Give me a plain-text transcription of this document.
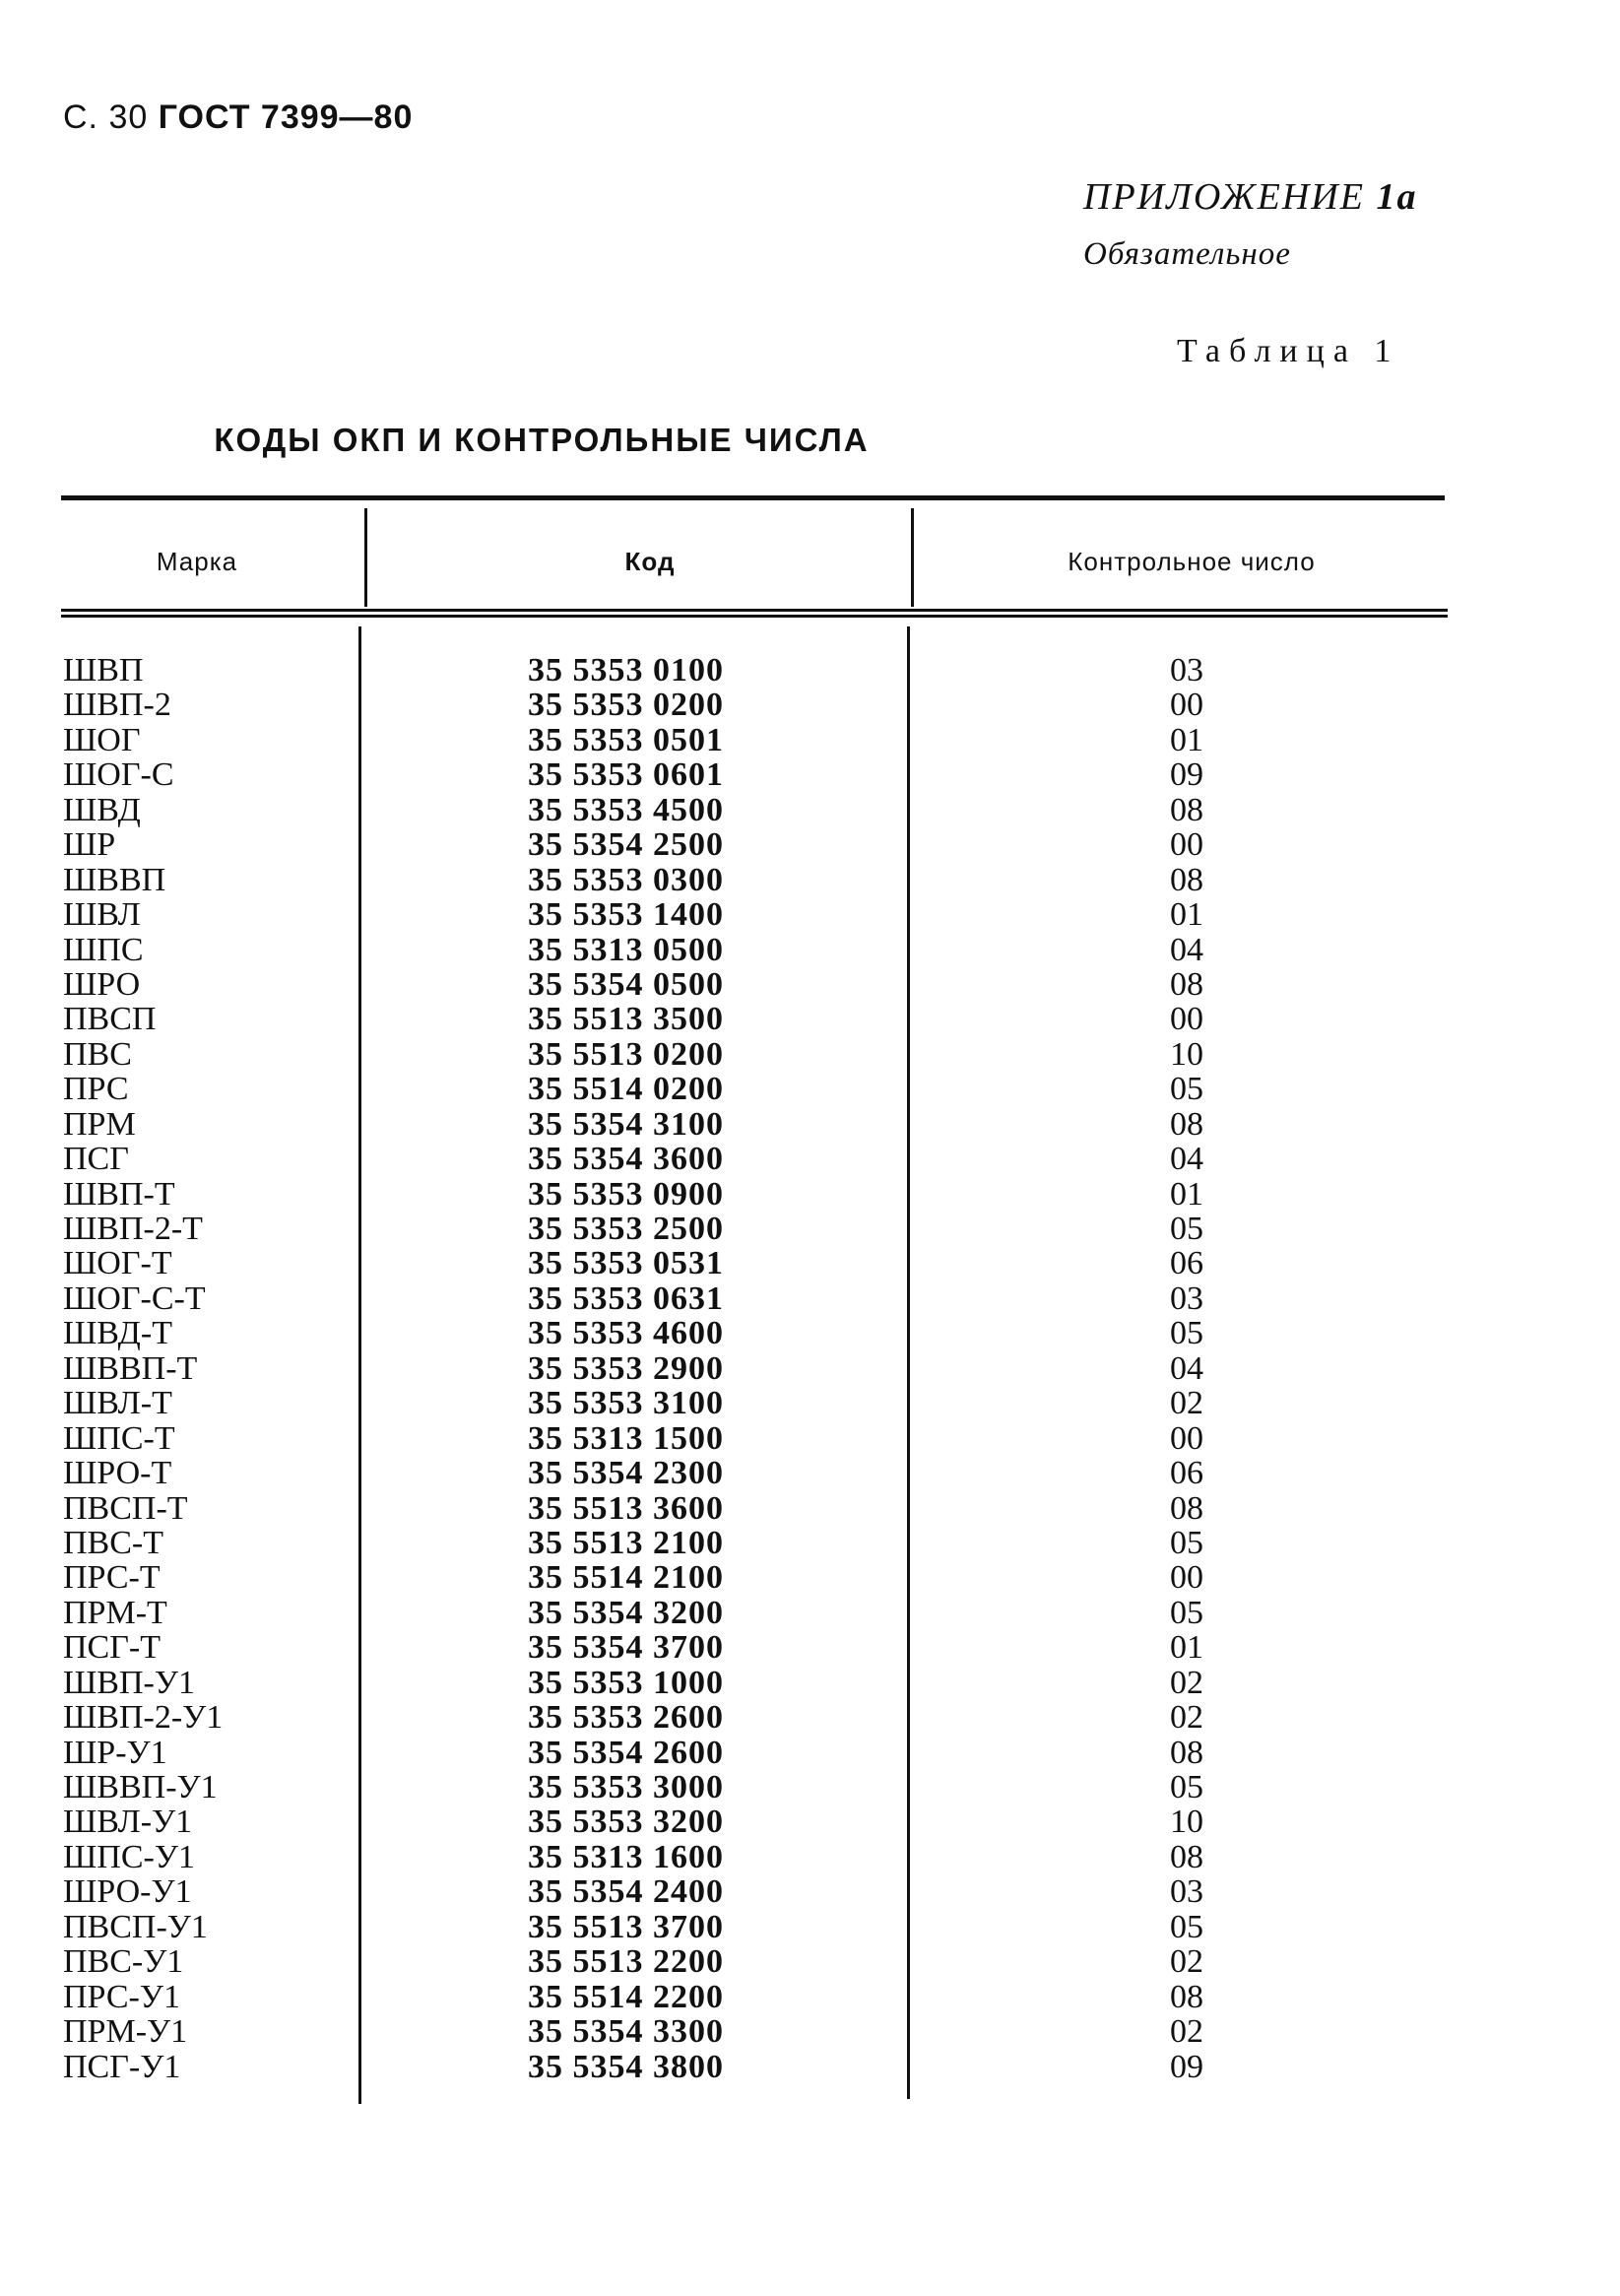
С. 30 ГОСТ 7399—80
ПРИЛОЖЕНИЕ 1а
Обязательное
Таблица 1
КОДЫ ОКП И КОНТРОЛЬНЫЕ ЧИСЛА
Марка	Код	Контрольное число
ШВП	35 5353 0100	03
ШВП-2	35 5353 0200	00
ШОГ	35 5353 0501	01
ШОГ-С	35 5353 0601	09
ШВД	35 5353 4500	08
ШР	35 5354 2500	00
ШВВП	35 5353 0300	08
ШВЛ	35 5353 1400	01
ШПС	35 5313 0500	04
ШРО	35 5354 0500	08
ПВСП	35 5513 3500	00
ПВС	35 5513 0200	10
ПРС	35 5514 0200	05
ПРМ	35 5354 3100	08
ПСГ	35 5354 3600	04
ШВП-Т	35 5353 0900	01
ШВП-2-Т	35 5353 2500	05
ШОГ-Т	35 5353 0531	06
ШОГ-С-Т	35 5353 0631	03
ШВД-Т	35 5353 4600	05
ШВВП-Т	35 5353 2900	04
ШВЛ-Т	35 5353 3100	02
ШПС-Т	35 5313 1500	00
ШРО-Т	35 5354 2300	06
ПВСП-Т	35 5513 3600	08
ПВС-Т	35 5513 2100	05
ПРС-Т	35 5514 2100	00
ПРМ-Т	35 5354 3200	05
ПСГ-Т	35 5354 3700	01
ШВП-У1	35 5353 1000	02
ШВП-2-У1	35 5353 2600	02
ШР-У1	35 5354 2600	08
ШВВП-У1	35 5353 3000	05
ШВЛ-У1	35 5353 3200	10
ШПС-У1	35 5313 1600	08
ШРО-У1	35 5354 2400	03
ПВСП-У1	35 5513 3700	05
ПВС-У1	35 5513 2200	02
ПРС-У1	35 5514 2200	08
ПРМ-У1	35 5354 3300	02
ПСГ-У1	35 5354 3800	09
